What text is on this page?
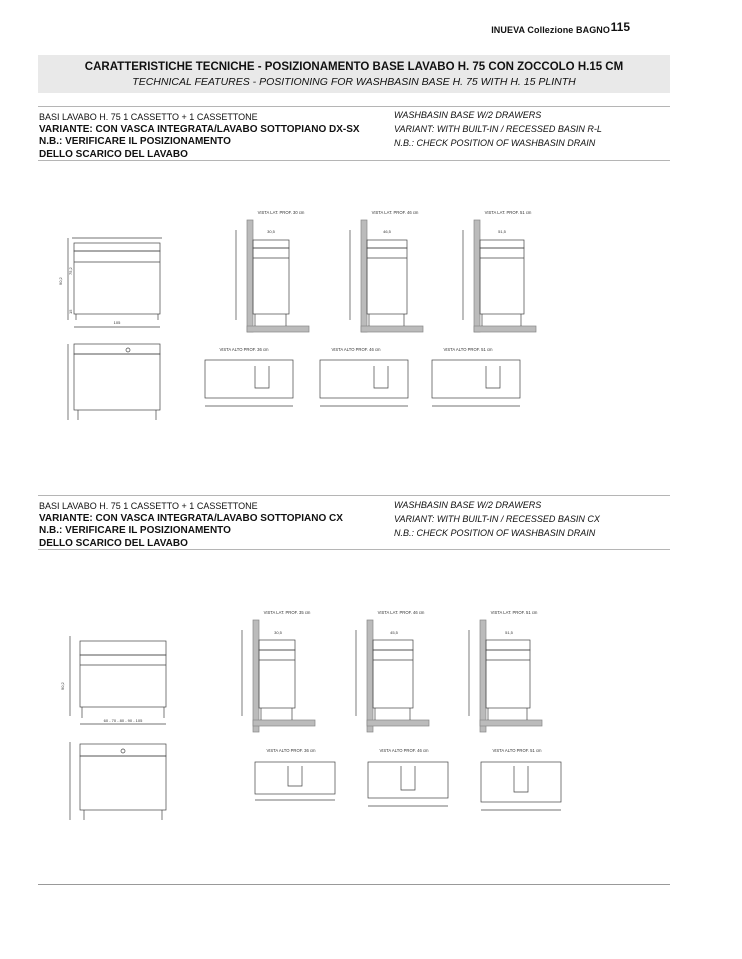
INUEVA Collezione BAGNO 115
CARATTERISTICHE TECNICHE - POSIZIONAMENTO BASE LAVABO H. 75 CON ZOCCOLO H.15 CM
TECHNICAL FEATURES - POSITIONING FOR WASHBASIN BASE H. 75 WITH H. 15 PLINTH
BASI LAVABO H. 75 1 CASSETTO + 1 CASSETTONE
VARIANTE: CON VASCA INTEGRATA/LAVABO SOTTOPIANO DX-SX
N.B.: VERIFICARE IL POSIZIONAMENTO
DELLO SCARICO DEL LAVABO
WASHBASIN BASE W/2 DRAWERS
VARIANT: WITH BUILT-IN / RECESSED BASIN R-L
N.B.: CHECK POSITION OF WASHBASIN DRAIN
BASI LAVABO H. 75 1 CASSETTO + 1 CASSETTONE
VARIANTE: CON VASCA INTEGRATA/LAVABO SOTTOPIANO CX
N.B.: VERIFICARE IL POSIZIONAMENTO
DELLO SCARICO DEL LAVABO
WASHBASIN BASE W/2 DRAWERS
VARIANT: WITH BUILT-IN / RECESSED BASIN CX
N.B.: CHECK POSITION OF WASHBASIN DRAIN
105
90,2
75,2
15
VISTA LAT. PROF. 30 cm
30,5
VISTA LAT. PROF. 46 cm
46,5
VISTA LAT. PROF. 51 cm
51,5
VISTA ALTO PROF. 36 cm	VISTA ALTO PROF. 46 cm	VISTA ALTO PROF. 51 cm
60 - 70 - 80 - 90 - 105
90,2
VISTA LAT. PROF. 35 cm
30,5
VISTA LAT. PROF. 46 cm
45,5
VISTA LAT. PROF. 51 cm
51,5
VISTA ALTO PROF. 36 cm	VISTA ALTO PROF. 46 cm	VISTA ALTO PROF. 51 cm
